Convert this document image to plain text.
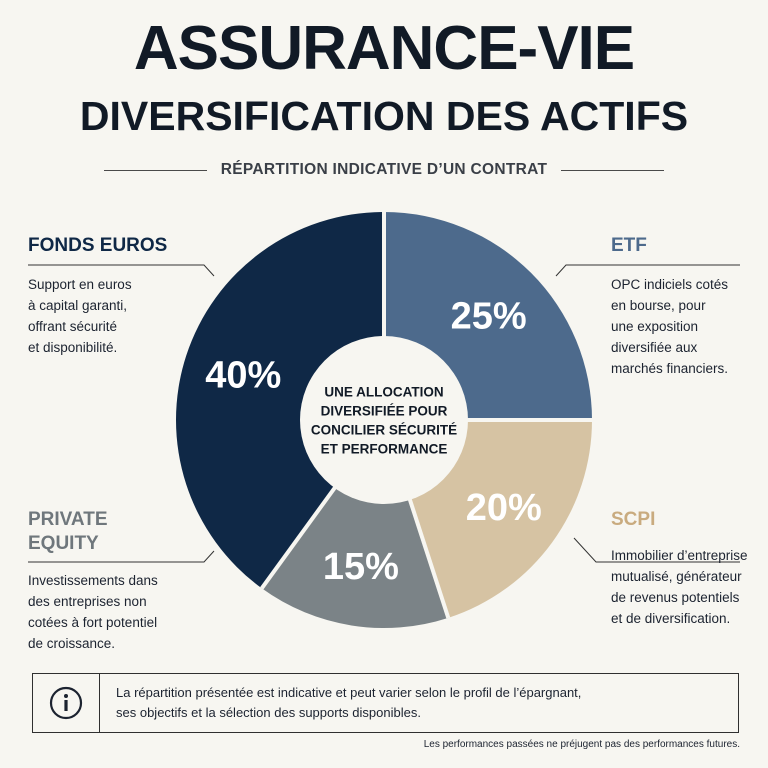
ASSURANCE-VIE
DIVERSIFICATION DES ACTIFS
RÉPARTITION INDICATIVE D’UN CONTRAT
25%
20%
15%
40%	UNE ALLOCATION
DIVERSIFIÉE POUR
CONCILIER SÉCURITÉ
ET PERFORMANCE
FONDS EUROS
Support en euros
à capital garanti,
offrant sécurité
et disponibilité.
ETF
OPC indiciels cotés
en bourse, pour
une exposition
diversifiée aux
marchés financiers.
PRIVATE
EQUITY
Investissements dans
des entreprises non
cotées à fort potentiel
de croissance.
SCPI
Immobilier d’entreprise
mutualisé, générateur
de revenus potentiels
et de diversification.
La répartition présentée est indicative et peut varier selon le profil de l’épargnant,
ses objectifs et la sélection des supports disponibles.
Les performances passées ne préjugent pas des performances futures.
